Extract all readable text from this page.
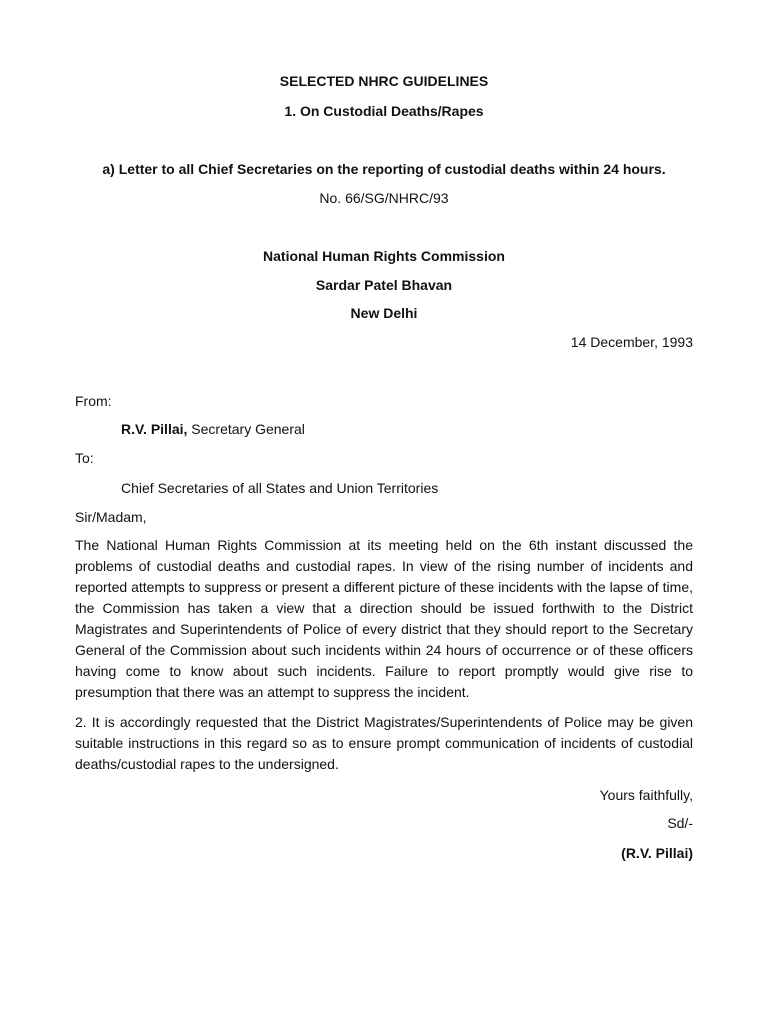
SELECTED NHRC GUIDELINES
1. On Custodial Deaths/Rapes
a) Letter to all Chief Secretaries on the reporting of custodial deaths within 24 hours.
No. 66/SG/NHRC/93
National Human Rights Commission
Sardar Patel Bhavan
New Delhi
14 December, 1993
From:
R.V. Pillai, Secretary General
To:
Chief Secretaries of all States and Union Territories
Sir/Madam,

The National Human Rights Commission at its meeting held on the 6th instant discussed the problems of custodial deaths and custodial rapes. In view of the rising number of incidents and reported attempts to suppress or present a different picture of these incidents with the lapse of time, the Commission has taken a view that a direction should be issued forthwith to the District Magistrates and Superintendents of Police of every district that they should report to the Secretary General of the Commission about such incidents within 24 hours of occurrence or of these officers having come to know about such incidents. Failure to report promptly would give rise to presumption that there was an attempt to suppress the incident.

2. It is accordingly requested that the District Magistrates/Superintendents of Police may be given suitable instructions in this regard so as to ensure prompt communication of incidents of custodial deaths/custodial rapes to the undersigned.

Yours faithfully,
Sd/-
(R.V. Pillai)
